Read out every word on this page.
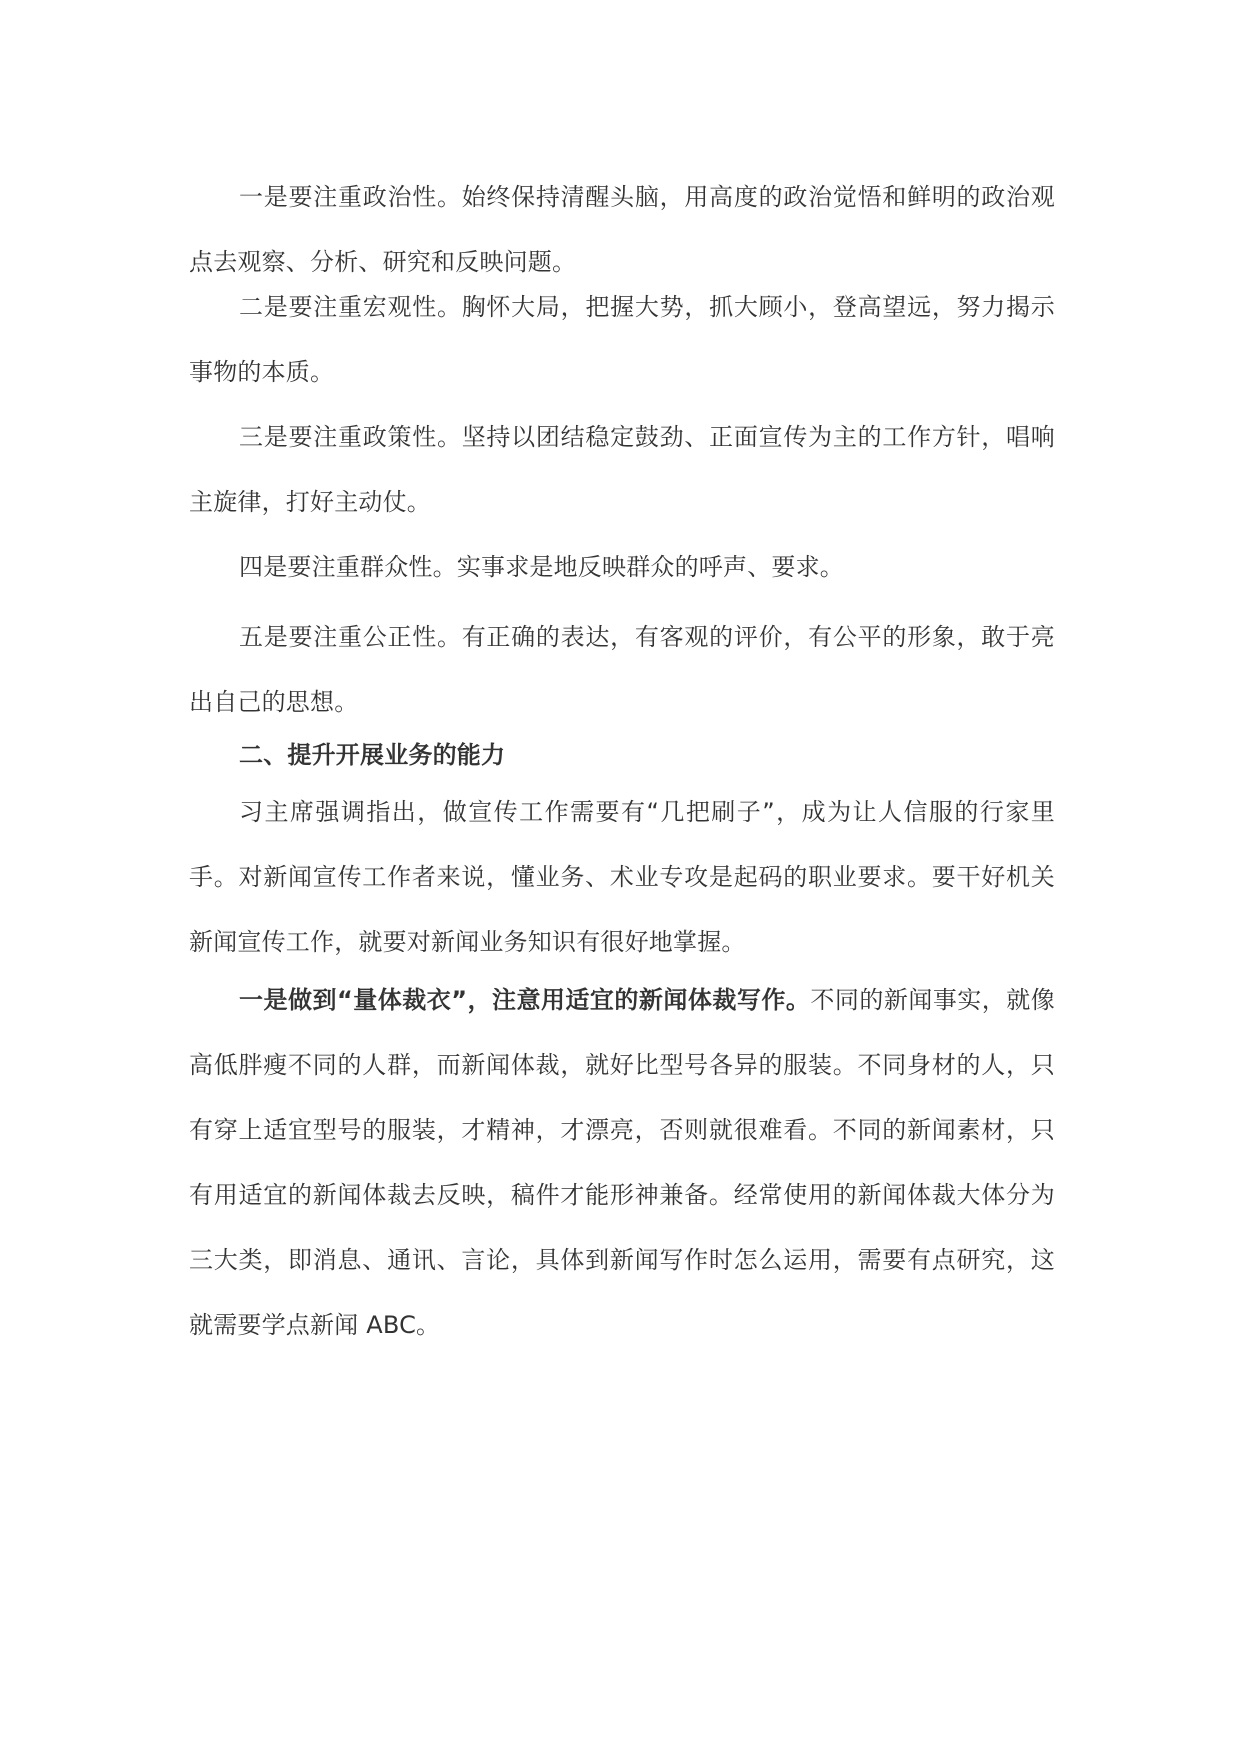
一是要注重政治性。始终保持清醒头脑，用高度的政治觉悟和鲜明的政治观点去观察、分析、研究和反映问题。

二是要注重宏观性。胸怀大局，把握大势，抓大顾小，登高望远，努力揭示事物的本质。

三是要注重政策性。坚持以团结稳定鼓劲、正面宣传为主的工作方针，唱响主旋律，打好主动仗。

四是要注重群众性。实事求是地反映群众的呼声、要求。

五是要注重公正性。有正确的表达，有客观的评价，有公平的形象，敢于亮出自己的思想。

二、提升开展业务的能力

习主席强调指出，做宣传工作需要有“几把刷子”，成为让人信服的行家里手。对新闻宣传工作者来说，懂业务、术业专攻是起码的职业要求。要干好机关新闻宣传工作，就要对新闻业务知识有很好地掌握。

一是做到“量体裁衣”，注意用适宜的新闻体裁写作。不同的新闻事实，就像高低胖瘦不同的人群，而新闻体裁，就好比型号各异的服装。不同身材的人，只有穿上适宜型号的服装，才精神，才漂亮，否则就很难看。不同的新闻素材，只有用适宜的新闻体裁去反映，稿件才能形神兼备。经常使用的新闻体裁大体分为三大类，即消息、通讯、言论，具体到新闻写作时怎么运用，需要有点研究，这就需要学点新闻 ABC。
